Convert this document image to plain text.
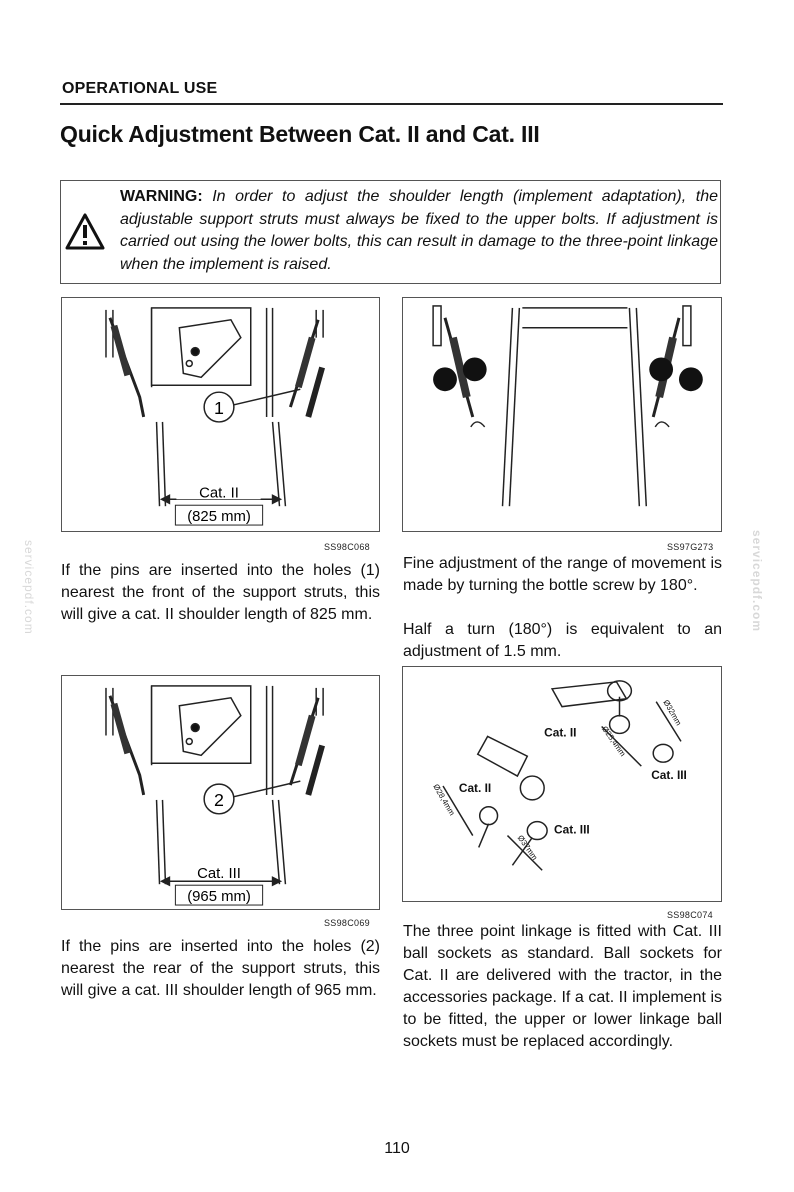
OPERATIONAL USE
Quick Adjustment Between Cat. II and Cat. III
WARNING: In order to adjust the shoulder length (implement adaptation), the adjustable support struts must always be fixed to the upper bolts. If adjustment is carried out using the lower bolts, this can result in damage to the three-point linkage when the implement is raised.
1
Cat. II
(825 mm)
SS98C068	SS97G273
If the pins are inserted into the holes (1) nearest the front of the support struts, this will give a cat. II shoulder length of 825 mm.
Fine adjustment of the range of movement is made by turning the bottle screw by 180°.
Half a turn (180°) is equivalent to an adjustment of 1.5 mm.
2
Cat. III
(965 mm)
SS98C069
Cat. II
Cat. III
Cat. II
Cat. III
Ø32mm
Ø25,4mm
Ø28,4mm
Ø37mm
SS98C074
If the pins are inserted into the holes (2) nearest the rear of the support struts, this will give a cat. III shoulder length of 965 mm.
The three point linkage is fitted with Cat. III ball sockets as standard. Ball sockets for Cat. II are delivered with the tractor, in the accessories package. If a cat. II implement is to be fitted, the upper or lower linkage ball sockets must be replaced accordingly.
servicepdf.com	servicepdf.com
110
